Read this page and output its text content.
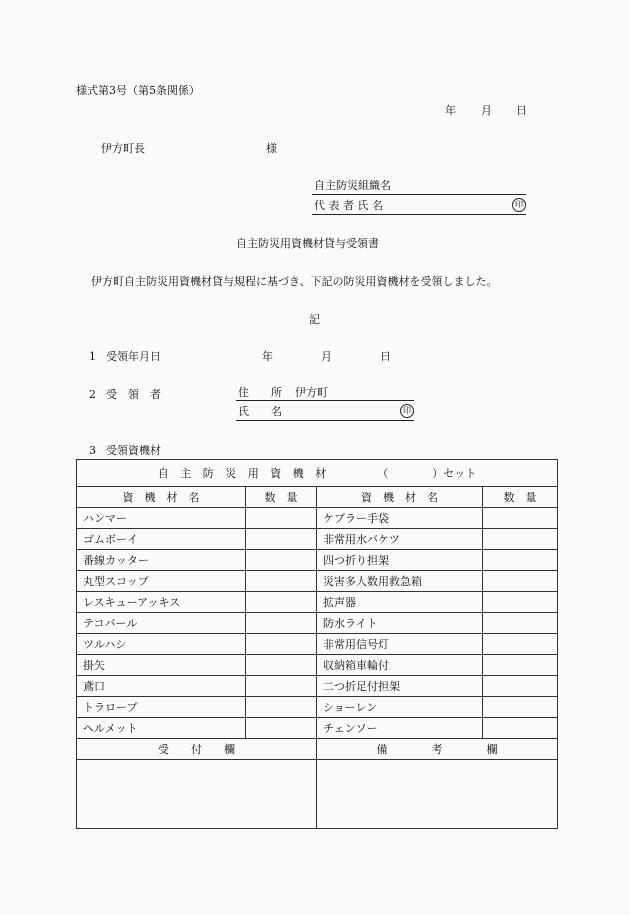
様式第3号（第5条関係）
年 月 日
伊方町長	様
自主防災組織名
代 表 者 氏 名	印
自主防災用資機材貸与受領書
伊方町自主防災用資機材貸与規程に基づき、下記の防災用資機材を受領しました。
記
1 受領年月日	年	月	日
2 受　領　者	住　　所 伊方町
氏　　名	印
3 受領資機材
自 主 防 災 用 資 機 材 （　　　　）セット			
資　機　材　名	数　量	資　機　材　名	数　量
ハンマー		ケブラー手袋	
ゴムボーイ		非常用水バケツ	
番線カッター		四つ折り担架	
丸型スコップ		災害多人数用救急箱	
レスキューアッキス		拡声器	
テコバール		防水ライト	
ツルハシ		非常用信号灯	
掛矢		収納箱車輪付	
鳶口		二つ折足付担架	
トラロープ		ショーレン	
ヘルメット		チェンソー	
受　　付　　欄		備　　　　考　　　　欄	
